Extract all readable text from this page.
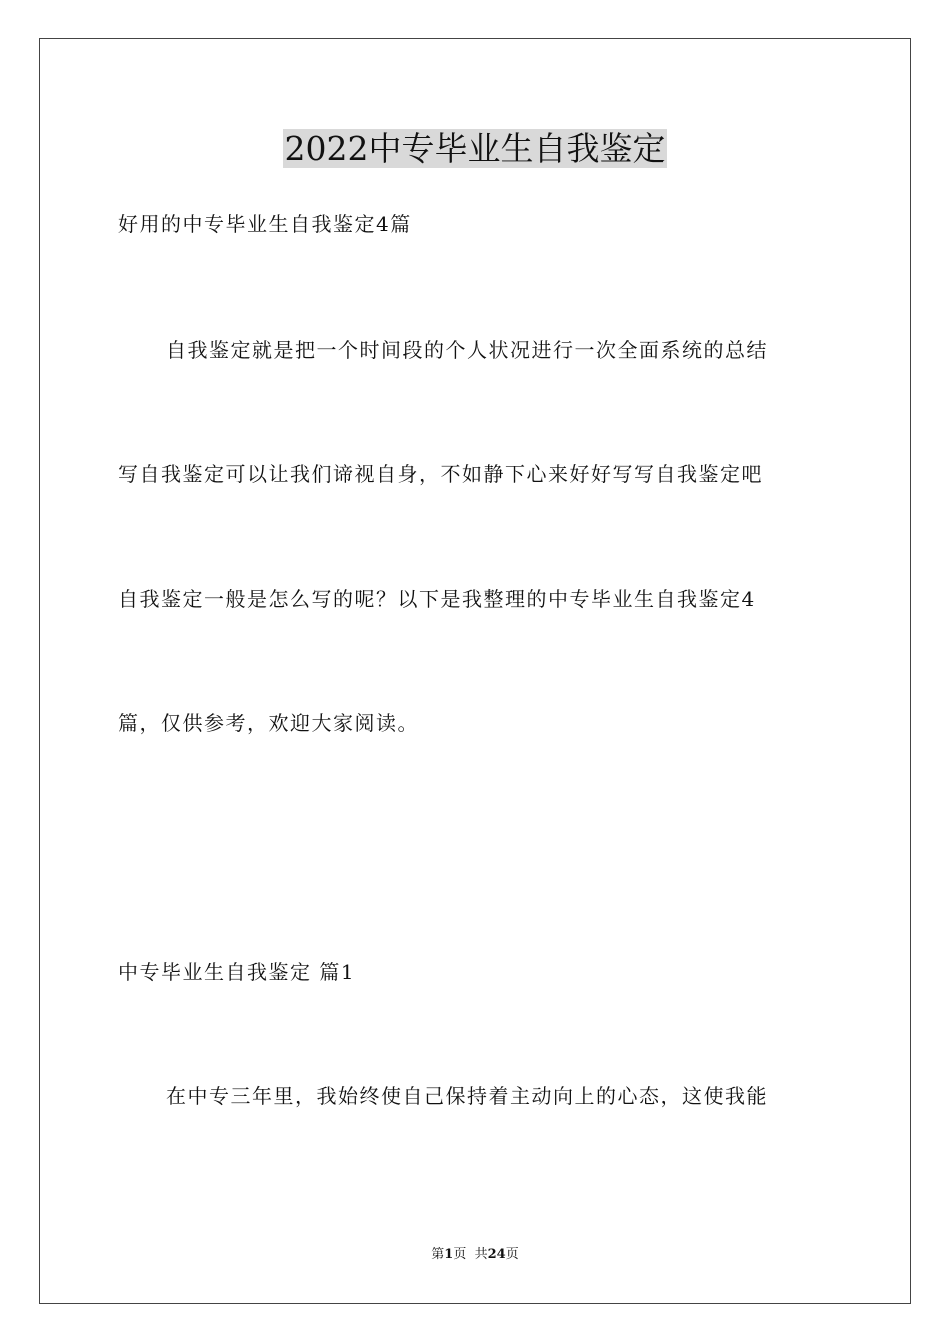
2022中专毕业生自我鉴定
好用的中专毕业生自我鉴定4篇
自我鉴定就是把一个时间段的个人状况进行一次全面系统的总结
写自我鉴定可以让我们谛视自身，不如静下心来好好写写自我鉴定吧
自我鉴定一般是怎么写的呢？以下是我整理的中专毕业生自我鉴定4
篇，仅供参考，欢迎大家阅读。
中专毕业生自我鉴定 篇1
在中专三年里，我始终使自己保持着主动向上的心态，这使我能
第1页  共24页
